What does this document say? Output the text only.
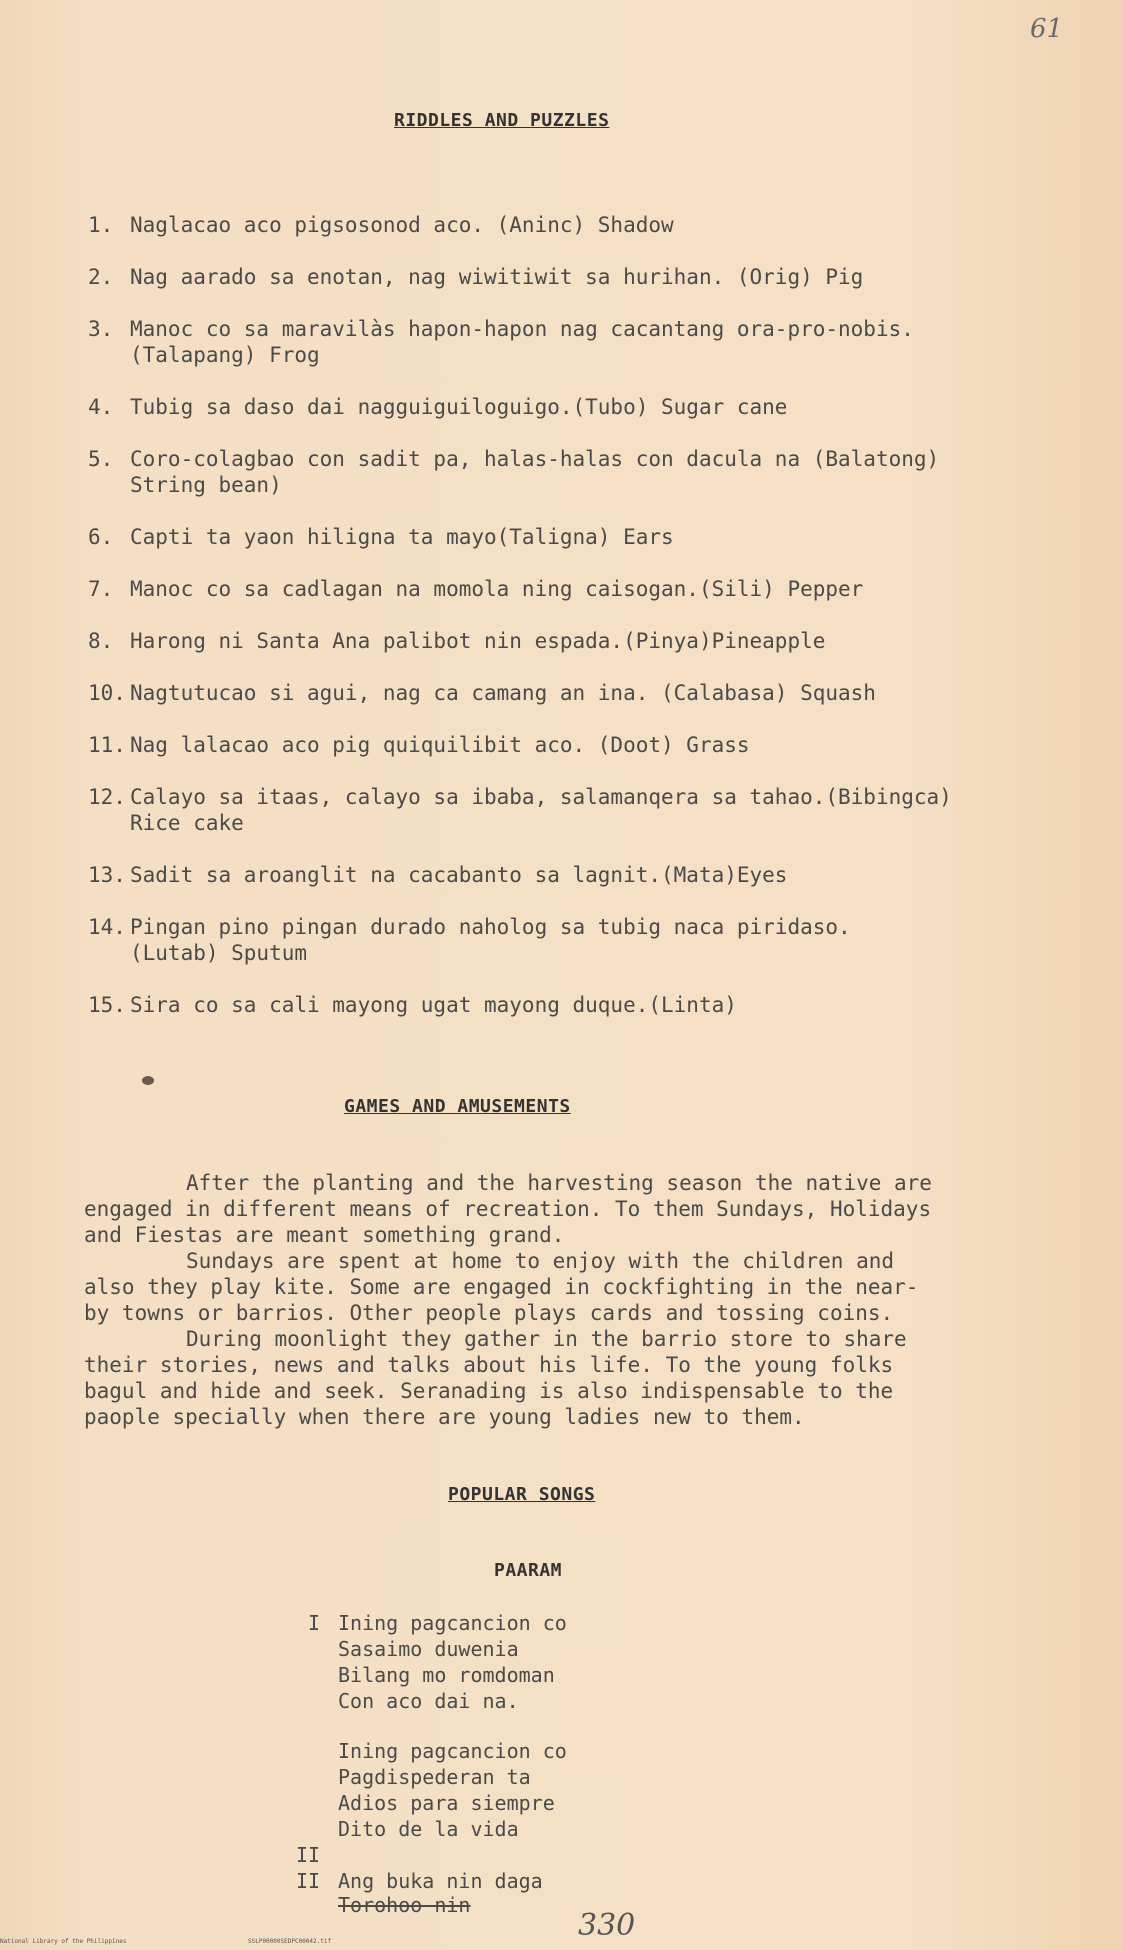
61
RIDDLES AND PUZZLES
1. Naglacao aco pigsosonod aco. (Aninc) Shadow
2. Nag aarado sa enotan, nag wiwitiwit sa hurihan. (Orig) Pig
3. Manoc co sa maravilàs hapon-hapon nag cacantang ora-pro-nobis.
(Talapang) Frog
4. Tubig sa daso dai nagguiguiloguigo.(Tubo) Sugar cane
5. Coro-colagbao con sadit pa, halas-halas con dacula na (Balatong)
String bean)
6. Capti ta yaon hiligna ta mayo(Taligna) Ears
7. Manoc co sa cadlagan na momola ning caisogan.(Sili) Pepper
8. Harong ni Santa Ana palibot nin espada.(Pinya)Pineapple
10. Nagtutucao si agui, nag ca camang an ina. (Calabasa) Squash
11. Nag lalacao aco pig quiquilibit aco. (Doot) Grass
12. Calayo sa itaas, calayo sa ibaba, salamanqera sa tahao.(Bibingca)
Rice cake
13. Sadit sa aroanglit na cacabanto sa lagnit.(Mata)Eyes
14. Pingan pino pingan durado naholog sa tubig naca piridaso.
(Lutab) Sputum
15. Sira co sa cali mayong ugat mayong duque.(Linta)
GAMES AND AMUSEMENTS
After the planting and the harvesting season the native are
engaged in different means of recreation. To them Sundays, Holidays
and Fiestas are meant something grand.
Sundays are spent at home to enjoy with the children and
also they play kite. Some are engaged in cockfighting in the near-
by towns or barrios. Other people plays cards and tossing coins.
During moonlight they gather in the barrio store to share
their stories, news and talks about his life. To the young folks
bagul and hide and seek. Seranading is also indispensable to the
paople specially when there are young ladies new to them.
POPULAR SONGS
PAARAM
I Ining pagcancion co
Sasaimo duwenia
Bilang mo romdoman
Con aco dai na.
Ining pagcancion co
Pagdispederan ta
Adios para siempre
Dito de la vida
II
II Ang buka nin daga
Torohoo nin
330
National Library of the Philippines	SSLP00000SEDPC00042.tif
